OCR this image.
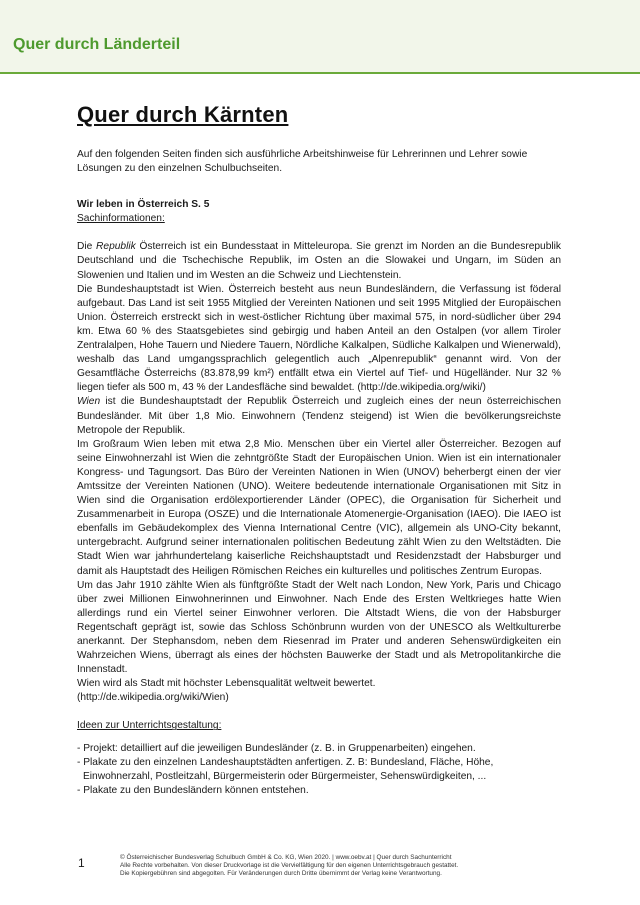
Quer durch Länderteil
Quer durch Kärnten

Auf den folgenden Seiten finden sich ausführliche Arbeitshinweise für Lehrerinnen und Lehrer sowie Lösungen zu den einzelnen Schulbuchseiten.

Wir leben in Österreich S. 5

Sachinformationen:

Die Republik Österreich ist ein Bundesstaat in Mitteleuropa. Sie grenzt im Norden an die Bundesrepublik Deutschland und die Tschechische Republik, im Osten an die Slowakei und Ungarn, im Süden an Slowenien und Italien und im Westen an die Schweiz und Liechtenstein.

Die Bundeshauptstadt ist Wien. Österreich besteht aus neun Bundesländern, die Verfassung ist föderal aufgebaut. Das Land ist seit 1955 Mitglied der Vereinten Nationen und seit 1995 Mitglied der Europäischen Union. Österreich erstreckt sich in west-östlicher Richtung über maximal 575, in nord-südlicher über 294 km. Etwa 60 % des Staatsgebietes sind gebirgig und haben Anteil an den Ostalpen (vor allem Tiroler Zentralalpen, Hohe Tauern und Niedere Tauern, Nördliche Kalkalpen, Südliche Kalkalpen und Wienerwald), weshalb das Land umgangssprachlich gelegentlich auch „Alpenrepublik“ genannt wird. Von der Gesamtfläche Österreichs (83.878,99 km²) entfällt etwa ein Viertel auf Tief- und Hügelländer. Nur 32 % liegen tiefer als 500 m, 43 % der Landesfläche sind bewaldet. (http://de.wikipedia.org/wiki/)

Wien ist die Bundeshauptstadt der Republik Österreich und zugleich eines der neun österreichischen Bundesländer. Mit über 1,8 Mio. Einwohnern (Tendenz steigend) ist Wien die bevölkerungsreichste Metropole der Republik.

Im Großraum Wien leben mit etwa 2,8 Mio. Menschen über ein Viertel aller Österreicher. Bezogen auf seine Einwohnerzahl ist Wien die zehntgrößte Stadt der Europäischen Union. Wien ist ein internationaler Kongress- und Tagungsort. Das Büro der Vereinten Nationen in Wien (UNOV) beherbergt einen der vier Amtssitze der Vereinten Nationen (UNO). Weitere bedeutende internationale Organisationen mit Sitz in Wien sind die Organisation erdölexportierender Länder (OPEC), die Organisation für Sicherheit und Zusammenarbeit in Europa (OSZE) und die Internationale Atomenergie-Organisation (IAEO). Die IAEO ist ebenfalls im Gebäudekomplex des Vienna International Centre (VIC), allgemein als UNO-City bekannt, untergebracht. Aufgrund seiner internationalen politischen Bedeutung zählt Wien zu den Weltstädten. Die Stadt Wien war jahrhundertelang kaiserliche Reichshauptstadt und Residenzstadt der Habsburger und damit als Hauptstadt des Heiligen Römischen Reiches ein kulturelles und politisches Zentrum Europas.

Um das Jahr 1910 zählte Wien als fünftgrößte Stadt der Welt nach London, New York, Paris und Chicago über zwei Millionen Einwohnerinnen und Einwohner. Nach Ende des Ersten Weltkrieges hatte Wien allerdings rund ein Viertel seiner Einwohner verloren. Die Altstadt Wiens, die von der Habsburger Regentschaft geprägt ist, sowie das Schloss Schönbrunn wurden von der UNESCO als Weltkulturerbe anerkannt. Der Stephansdom, neben dem Riesenrad im Prater und anderen Sehenswürdigkeiten ein Wahrzeichen Wiens, überragt als eines der höchsten Bauwerke der Stadt und als Metropolitankirche die Innenstadt.

Wien wird als Stadt mit höchster Lebensqualität weltweit bewertet.

(http://de.wikipedia.org/wiki/Wien)

Ideen zur Unterrichtsgestaltung:

- Projekt: detailliert auf die jeweiligen Bundesländer (z. B. in Gruppenarbeiten) eingehen.
- Plakate zu den einzelnen Landeshauptstädten anfertigen. Z. B: Bundesland, Fläche, Höhe,
Einwohnerzahl, Postleitzahl, Bürgermeisterin oder Bürgermeister, Sehenswürdigkeiten, ...
- Plakate zu den Bundesländern können entstehen.
1	© Österreichischer Bundesverlag Schulbuch GmbH & Co. KG, Wien 2020. | www.oebv.at | Quer durch Sachunterricht
Alle Rechte vorbehalten. Von dieser Druckvorlage ist die Vervielfältigung für den eigenen Unterrichtsgebrauch gestattet.
Die Kopiergebühren sind abgegolten. Für Veränderungen durch Dritte übernimmt der Verlag keine Verantwortung.
